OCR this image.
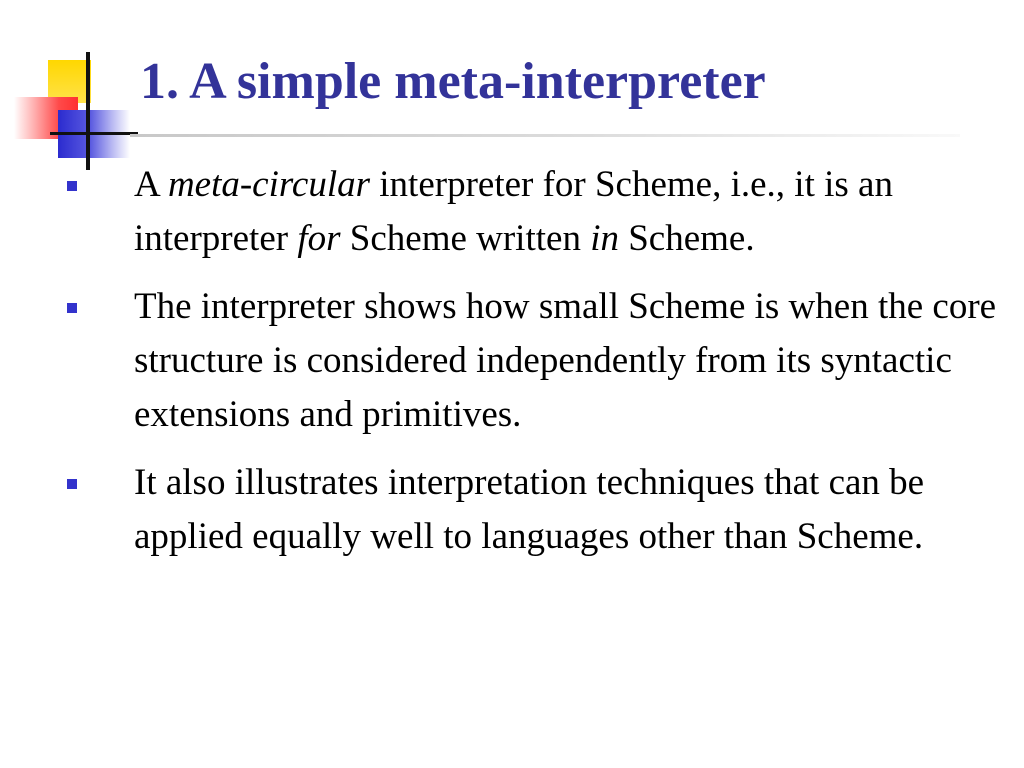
1. A simple meta-interpreter
A meta-circular interpreter for Scheme, i.e., it is an interpreter for Scheme written in Scheme.
The interpreter shows how small Scheme is when the core structure is considered independently from its syntactic extensions and primitives.
It also illustrates interpretation techniques that can be applied equally well to languages other than Scheme.
